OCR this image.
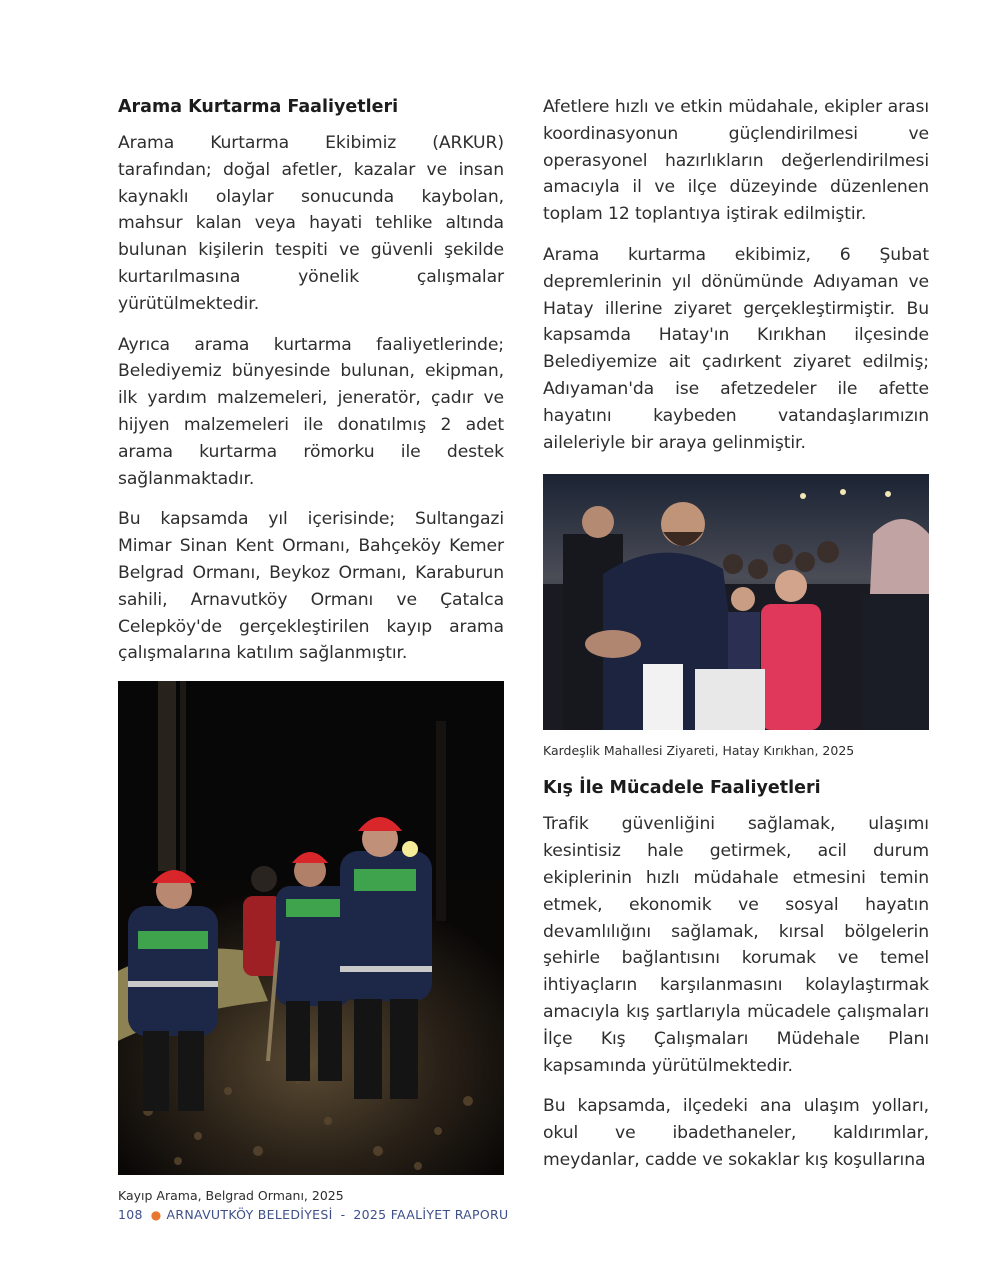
Arama Kurtarma Faaliyetleri

Arama Kurtarma Ekibimiz (ARKUR) tarafından; doğal afetler, kazalar ve insan kaynaklı olaylar sonucunda kaybolan, mahsur kalan veya hayati tehlike altında bulunan kişilerin tespiti ve güvenli şekilde kurtarılmasına yönelik çalışmalar yürütülmektedir.

Ayrıca arama kurtarma faaliyetlerinde; Belediyemiz bünyesinde bulunan, ekipman, ilk yardım malzemeleri, jeneratör, çadır ve hijyen malzemeleri ile donatılmış 2 adet arama kurtarma römorku ile destek sağlanmaktadır.

Bu kapsamda yıl içerisinde; Sultangazi Mimar Sinan Kent Ormanı, Bahçeköy Kemer Belgrad Ormanı, Beykoz Ormanı, Karaburun sahili, Arnavutköy Ormanı ve Çatalca Celepköy'de gerçekleştirilen kayıp arama çalışmalarına katılım sağlanmıştır.

Kayıp Arama, Belgrad Ormanı, 2025

Afetlere hızlı ve etkin müdahale, ekipler arası koordinasyonun güçlendirilmesi ve operasyonel hazırlıkların değerlendirilmesi amacıyla il ve ilçe düzeyinde düzenlenen toplam 12 toplantıya iştirak edilmiştir.

Arama kurtarma ekibimiz, 6 Şubat depremlerinin yıl dönümünde Adıyaman ve Hatay illerine ziyaret gerçekleştirmiştir. Bu kapsamda Hatay'ın Kırıkhan ilçesinde Belediyemize ait çadırkent ziyaret edilmiş; Adıyaman'da ise afetzedeler ile afette hayatını kaybeden vatandaşlarımızın aileleriyle bir araya gelinmiştir.

Kardeşlik Mahallesi Ziyareti, Hatay Kırıkhan, 2025
Kış İle Mücadele Faaliyetleri

Trafik güvenliğini sağlamak, ulaşımı kesintisiz hale getirmek, acil durum ekiplerinin hızlı müdahale etmesini temin etmek, ekonomik ve sosyal hayatın devamlılığını sağlamak, kırsal bölgelerin şehirle bağlantısını korumak ve temel ihtiyaçların karşılanmasını kolaylaştırmak amacıyla kış şartlarıyla mücadele çalışmaları İlçe Kış Çalışmaları Müdehale Planı kapsamında yürütülmektedir.

Bu kapsamda, ilçedeki ana ulaşım yolları, okul ve ibadethaneler, kaldırımlar, meydanlar, cadde ve sokaklar kış koşullarına

108 ● ARNAVUTKÖY BELEDİYESİ - 2025 FAALİYET RAPORU
